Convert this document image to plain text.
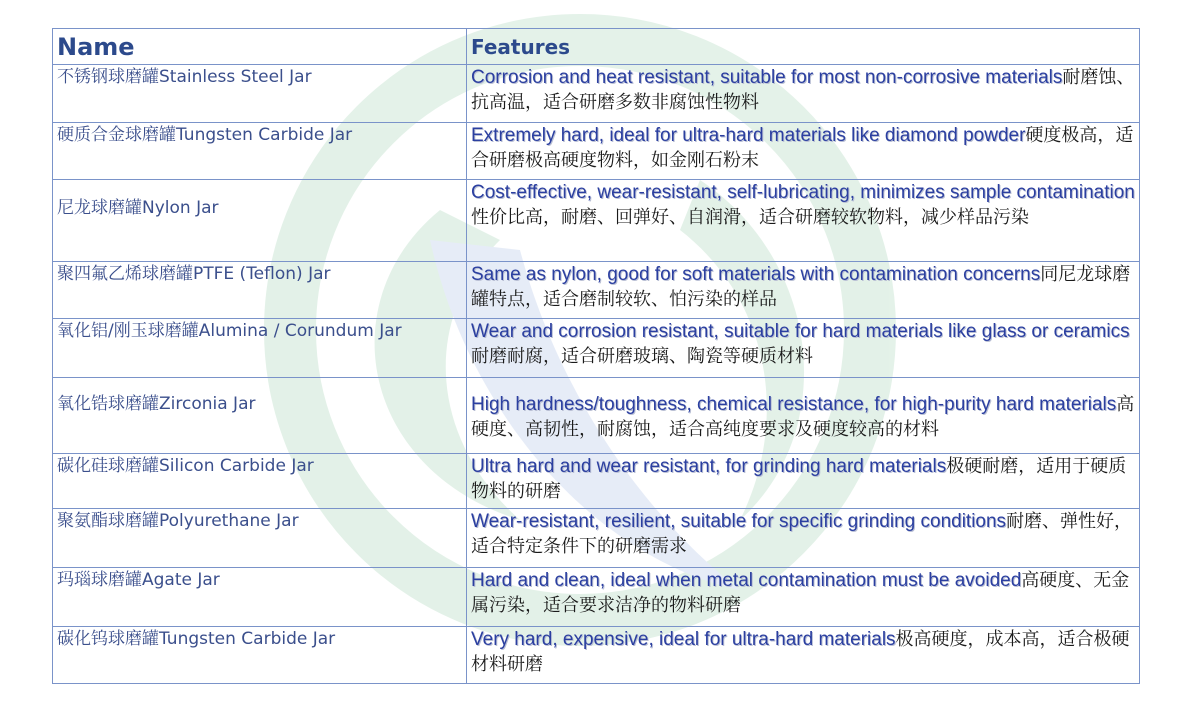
Name	Features
不锈钢球磨罐Stainless Steel Jar	Corrosion and heat resistant, suitable for most non-corrosive materials耐磨蚀、抗高温，适合研磨多数非腐蚀性物料
硬质合金球磨罐Tungsten Carbide Jar	Extremely hard, ideal for ultra-hard materials like diamond powder硬度极高，适合研磨极高硬度物料，如金刚石粉末
尼龙球磨罐Nylon Jar	Cost-effective, wear-resistant, self-lubricating, minimizes sample contamination性价比高，耐磨、回弹好、自润滑，适合研磨较软物料，减少样品污染
聚四氟乙烯球磨罐PTFE (Teflon) Jar	Same as nylon, good for soft materials with contamination concerns同尼龙球磨罐特点，适合磨制较软、怕污染的样品
氧化铝/刚玉球磨罐Alumina / Corundum Jar	Wear and corrosion resistant, suitable for hard materials like glass or ceramics耐磨耐腐，适合研磨玻璃、陶瓷等硬质材料
氧化锆球磨罐Zirconia Jar	High hardness/toughness, chemical resistance, for high-purity hard materials高硬度、高韧性，耐腐蚀，适合高纯度要求及硬度较高的材料
碳化硅球磨罐Silicon Carbide Jar	Ultra hard and wear resistant, for grinding hard materials极硬耐磨，适用于硬质物料的研磨
聚氨酯球磨罐Polyurethane Jar	Wear-resistant, resilient, suitable for specific grinding conditions耐磨、弹性好，适合特定条件下的研磨需求
玛瑙球磨罐Agate Jar	Hard and clean, ideal when metal contamination must be avoided高硬度、无金属污染，适合要求洁净的物料研磨
碳化钨球磨罐Tungsten Carbide Jar	Very hard, expensive, ideal for ultra-hard materials极高硬度，成本高，适合极硬材料研磨
